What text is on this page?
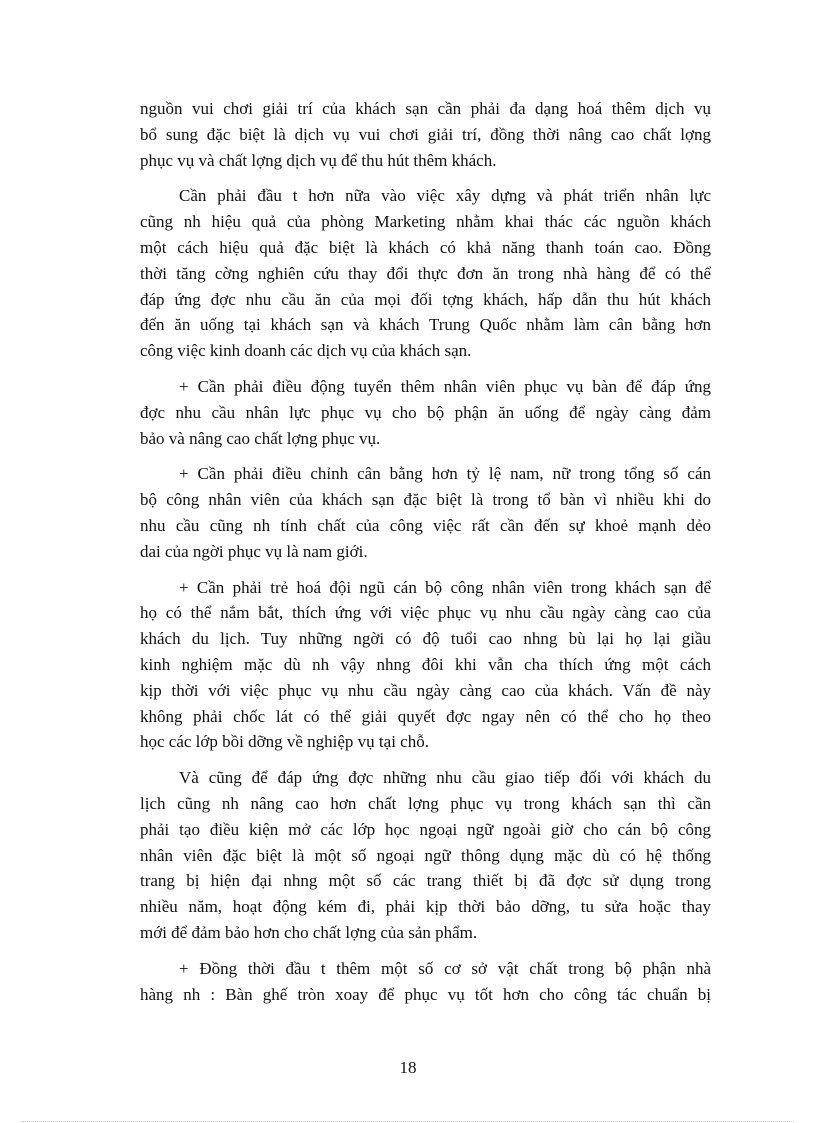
nguồn vui chơi giải trí của khách sạn cần phải đa dạng hoá thêm dịch vụ
bổ sung đặc biệt là dịch vụ vui chơi giải trí, đồng thời nâng cao chất lợng
phục vụ và chất lợng dịch vụ để thu hút thêm khách.

Cần phải đầu t hơn nữa vào việc xây dựng và phát triển nhân lực
cũng nh hiệu quả của phòng Marketing nhằm khai thác các nguồn khách
một cách hiệu quả đặc biệt là khách có khả năng thanh toán cao. Đồng
thời tăng cờng nghiên cứu thay đổi thực đơn ăn trong nhà hàng để có thể
đáp ứng đợc nhu cầu ăn của mọi đối tợng khách, hấp dẫn thu hút khách
đến ăn uống tại khách sạn và khách Trung Quốc nhằm làm cân bằng hơn
công việc kinh doanh các dịch vụ của khách sạn.

+ Cần phải điều động tuyển thêm nhân viên phục vụ bàn để đáp ứng
đợc nhu cầu nhân lực phục vụ cho bộ phận ăn uống để ngày càng đảm
bảo và nâng cao chất lợng phục vụ.

+ Cần phải điều chỉnh cân bằng hơn tỷ lệ nam, nữ trong tổng số cán
bộ công nhân viên của khách sạn đặc biệt là trong tổ bàn vì nhiều khi do
nhu cầu cũng nh tính chất của công việc rất cần đến sự khoẻ mạnh dẻo
dai của ngời phục vụ là nam giới.

+ Cần phải trẻ hoá đội ngũ cán bộ công nhân viên trong khách sạn để
họ có thể nắm bắt, thích ứng với việc phục vụ nhu cầu ngày càng cao của
khách du lịch. Tuy những ngời có độ tuổi cao nhng bù lại họ lại giầu
kinh nghiệm mặc dù nh vậy nhng đôi khi vẫn cha thích ứng một cách
kịp thời với việc phục vụ nhu cầu ngày càng cao của khách. Vấn đề này
không phải chốc lát có thể giải quyết đợc ngay nên có thể cho họ theo
học các lớp bồi dỡng về nghiệp vụ tại chỗ.

Và cũng để đáp ứng đợc những nhu cầu giao tiếp đối với khách du
lịch cũng nh nâng cao hơn chất lợng phục vụ trong khách sạn thì cần
phải tạo điều kiện mở các lớp học ngoại ngữ ngoài giờ cho cán bộ công
nhân viên đặc biệt là một số ngoại ngữ thông dụng mặc dù có hệ thống
trang bị hiện đại nhng một số các trang thiết bị đã đợc sử dụng trong
nhiều năm, hoạt động kém đi, phải kịp thời bảo dỡng, tu sửa hoặc thay
mới để đảm bảo hơn cho chất lợng của sản phẩm.

+ Đồng thời đầu t thêm một số cơ sở vật chất trong bộ phận nhà
hàng nh : Bàn ghế tròn xoay để phục vụ tốt hơn cho công tác chuẩn bị

18
